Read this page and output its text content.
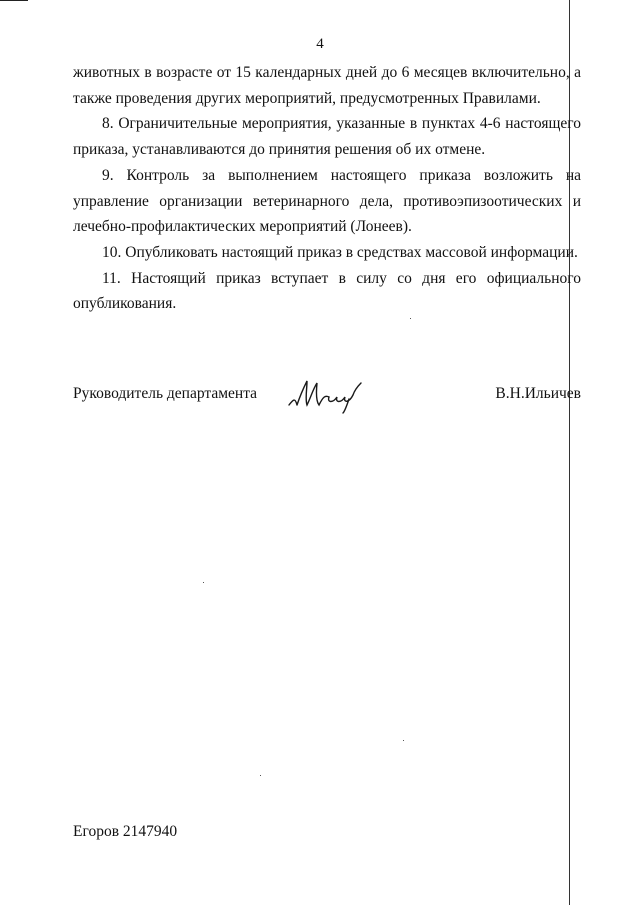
4

животных в возрасте от 15 календарных дней до 6 месяцев включительно, а также проведения других мероприятий, предусмотренных Правилами.

8. Ограничительные мероприятия, указанные в пунктах 4-6 настоящего приказа, устанавливаются до принятия решения об их отмене.

9. Контроль за выполнением настоящего приказа возложить на управление организации ветеринарного дела, противоэпизоотических и лечебно-профилактических мероприятий (Лонеев).

10. Опубликовать настоящий приказ в средствах массовой информации.

11. Настоящий приказ вступает в силу со дня его официального опубликования.

Руководитель департамента	В.Н.Ильичев
Егоров 2147940
